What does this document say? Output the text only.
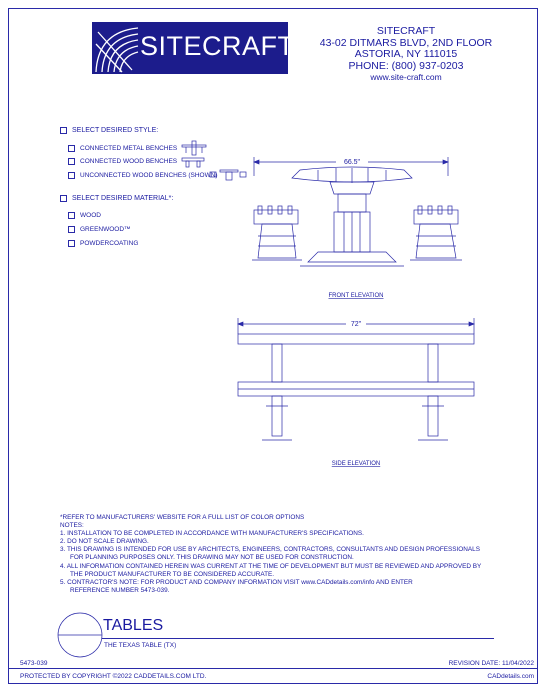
SITECRAFT	SITECRAFT
43-02 DITMARS BLVD, 2ND FLOOR
ASTORIA, NY 111015
PHONE: (800) 937-0203
www.site-craft.com
SELECT DESIRED STYLE:
CONNECTED METAL BENCHES
CONNECTED WOOD BENCHES
UNCONNECTED WOOD BENCHES (SHOWN)
SELECT DESIRED MATERIAL*:
WOOD
GREENWOOD™
POWDERCOATING
66.5"
FRONT ELEVATION
72"
SIDE ELEVATION
*REFER TO MANUFACTURERS' WEBSITE FOR A FULL LIST OF COLOR OPTIONS
NOTES:
1. INSTALLATION TO BE COMPLETED IN ACCORDANCE WITH MANUFACTURER'S SPECIFICATIONS.
2. DO NOT SCALE DRAWING.
3. THIS DRAWING IS INTENDED FOR USE BY ARCHITECTS, ENGINEERS, CONTRACTORS, CONSULTANTS AND DESIGN PROFESSIONALS
FOR PLANNING PURPOSES ONLY. THIS DRAWING MAY NOT BE USED FOR CONSTRUCTION.
4. ALL INFORMATION CONTAINED HEREIN WAS CURRENT AT THE TIME OF DEVELOPMENT BUT MUST BE REVIEWED AND APPROVED BY
THE PRODUCT MANUFACTURER TO BE CONSIDERED ACCURATE.
5. CONTRACTOR'S NOTE: FOR PRODUCT AND COMPANY INFORMATION VISIT www.CADdetails.com/info AND ENTER
REFERENCE NUMBER 5473-039.
TABLES
THE TEXAS TABLE (TX)
5473-039	REVISION DATE: 11/04/2022
PROTECTED BY COPYRIGHT ©2022 CADDETAILS.COM LTD.	CADdetails.com
